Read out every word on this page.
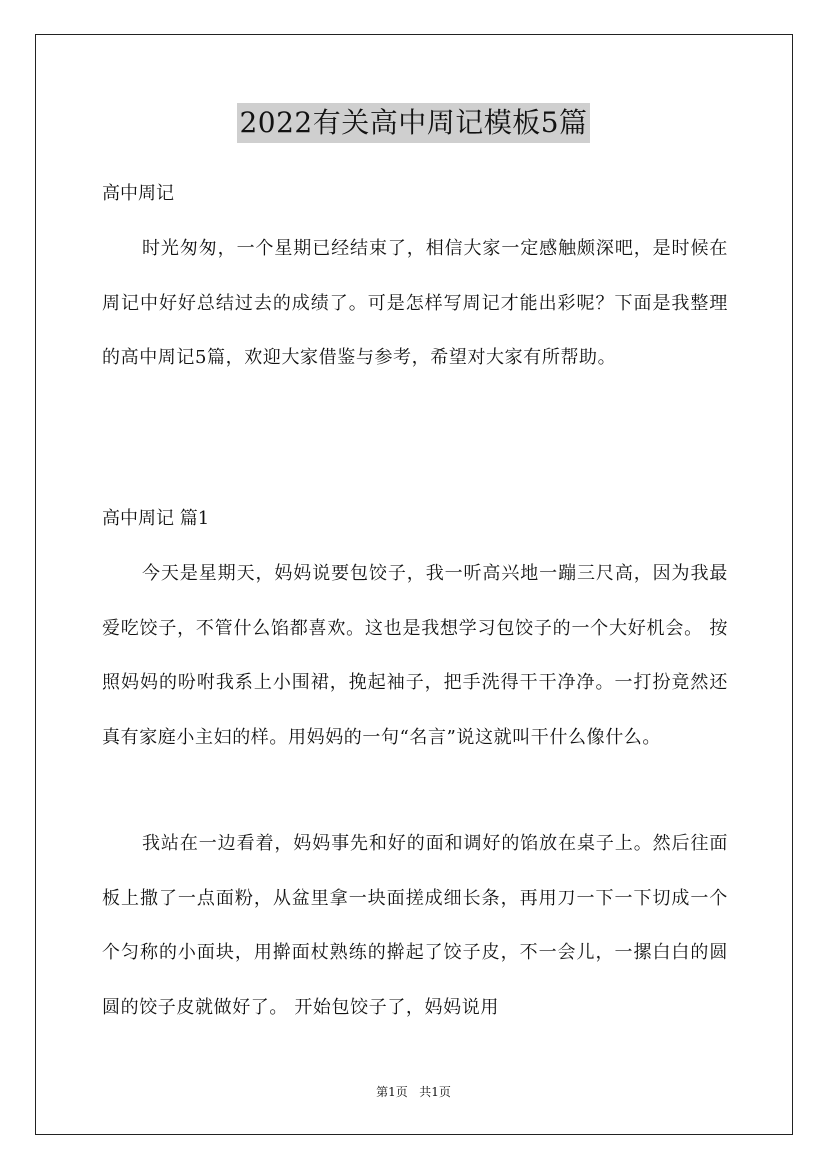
2022有关高中周记模板5篇
高中周记
时光匆匆，一个星期已经结束了，相信大家一定感触颇深吧，是时候在周记中好好总结过去的成绩了。可是怎样写周记才能出彩呢？下面是我整理的高中周记5篇，欢迎大家借鉴与参考，希望对大家有所帮助。
高中周记 篇1
今天是星期天，妈妈说要包饺子，我一听高兴地一蹦三尺高，因为我最爱吃饺子，不管什么馅都喜欢。这也是我想学习包饺子的一个大好机会。 按照妈妈的吩咐我系上小围裙，挽起袖子，把手洗得干干净净。一打扮竟然还真有家庭小主妇的样。用妈妈的一句“名言”说这就叫干什么像什么。
我站在一边看着，妈妈事先和好的面和调好的馅放在桌子上。然后往面板上撒了一点面粉，从盆里拿一块面搓成细长条，再用刀一下一下切成一个个匀称的小面块，用擀面杖熟练的擀起了饺子皮，不一会儿，一摞白白的圆圆的饺子皮就做好了。 开始包饺子了，妈妈说用
第1页 共1页
